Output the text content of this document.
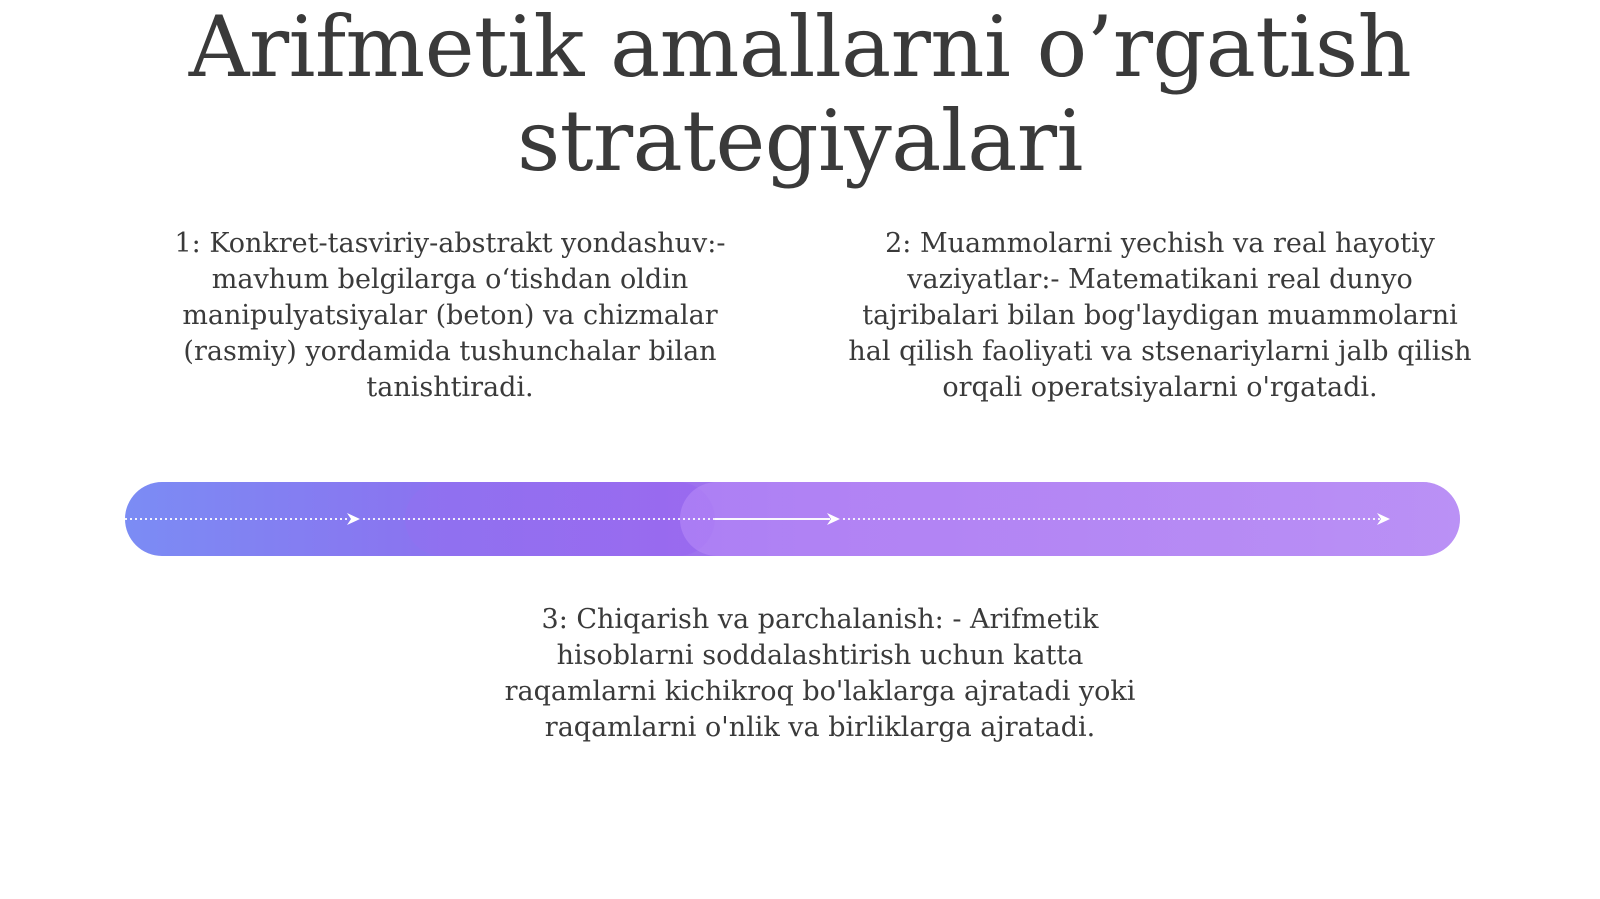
Arifmetik amallarni o’rgatish strategiyalari

1: Konkret-tasviriy-abstrakt yondashuv:- mavhum belgilarga o‘tishdan oldin manipulyatsiyalar (beton) va chizmalar (rasmiy) yordamida tushunchalar bilan tanishtiradi.

2: Muammolarni yechish va real hayotiy vaziyatlar:- Matematikani real dunyo tajribalari bilan bog'laydigan muammolarni hal qilish faoliyati va stsenariylarni jalb qilish orqali operatsiyalarni o'rgatadi.

3: Chiqarish va parchalanish: - Arifmetik hisoblarni soddalashtirish uchun katta raqamlarni kichikroq bo'laklarga ajratadi yoki raqamlarni o'nlik va birliklarga ajratadi.
